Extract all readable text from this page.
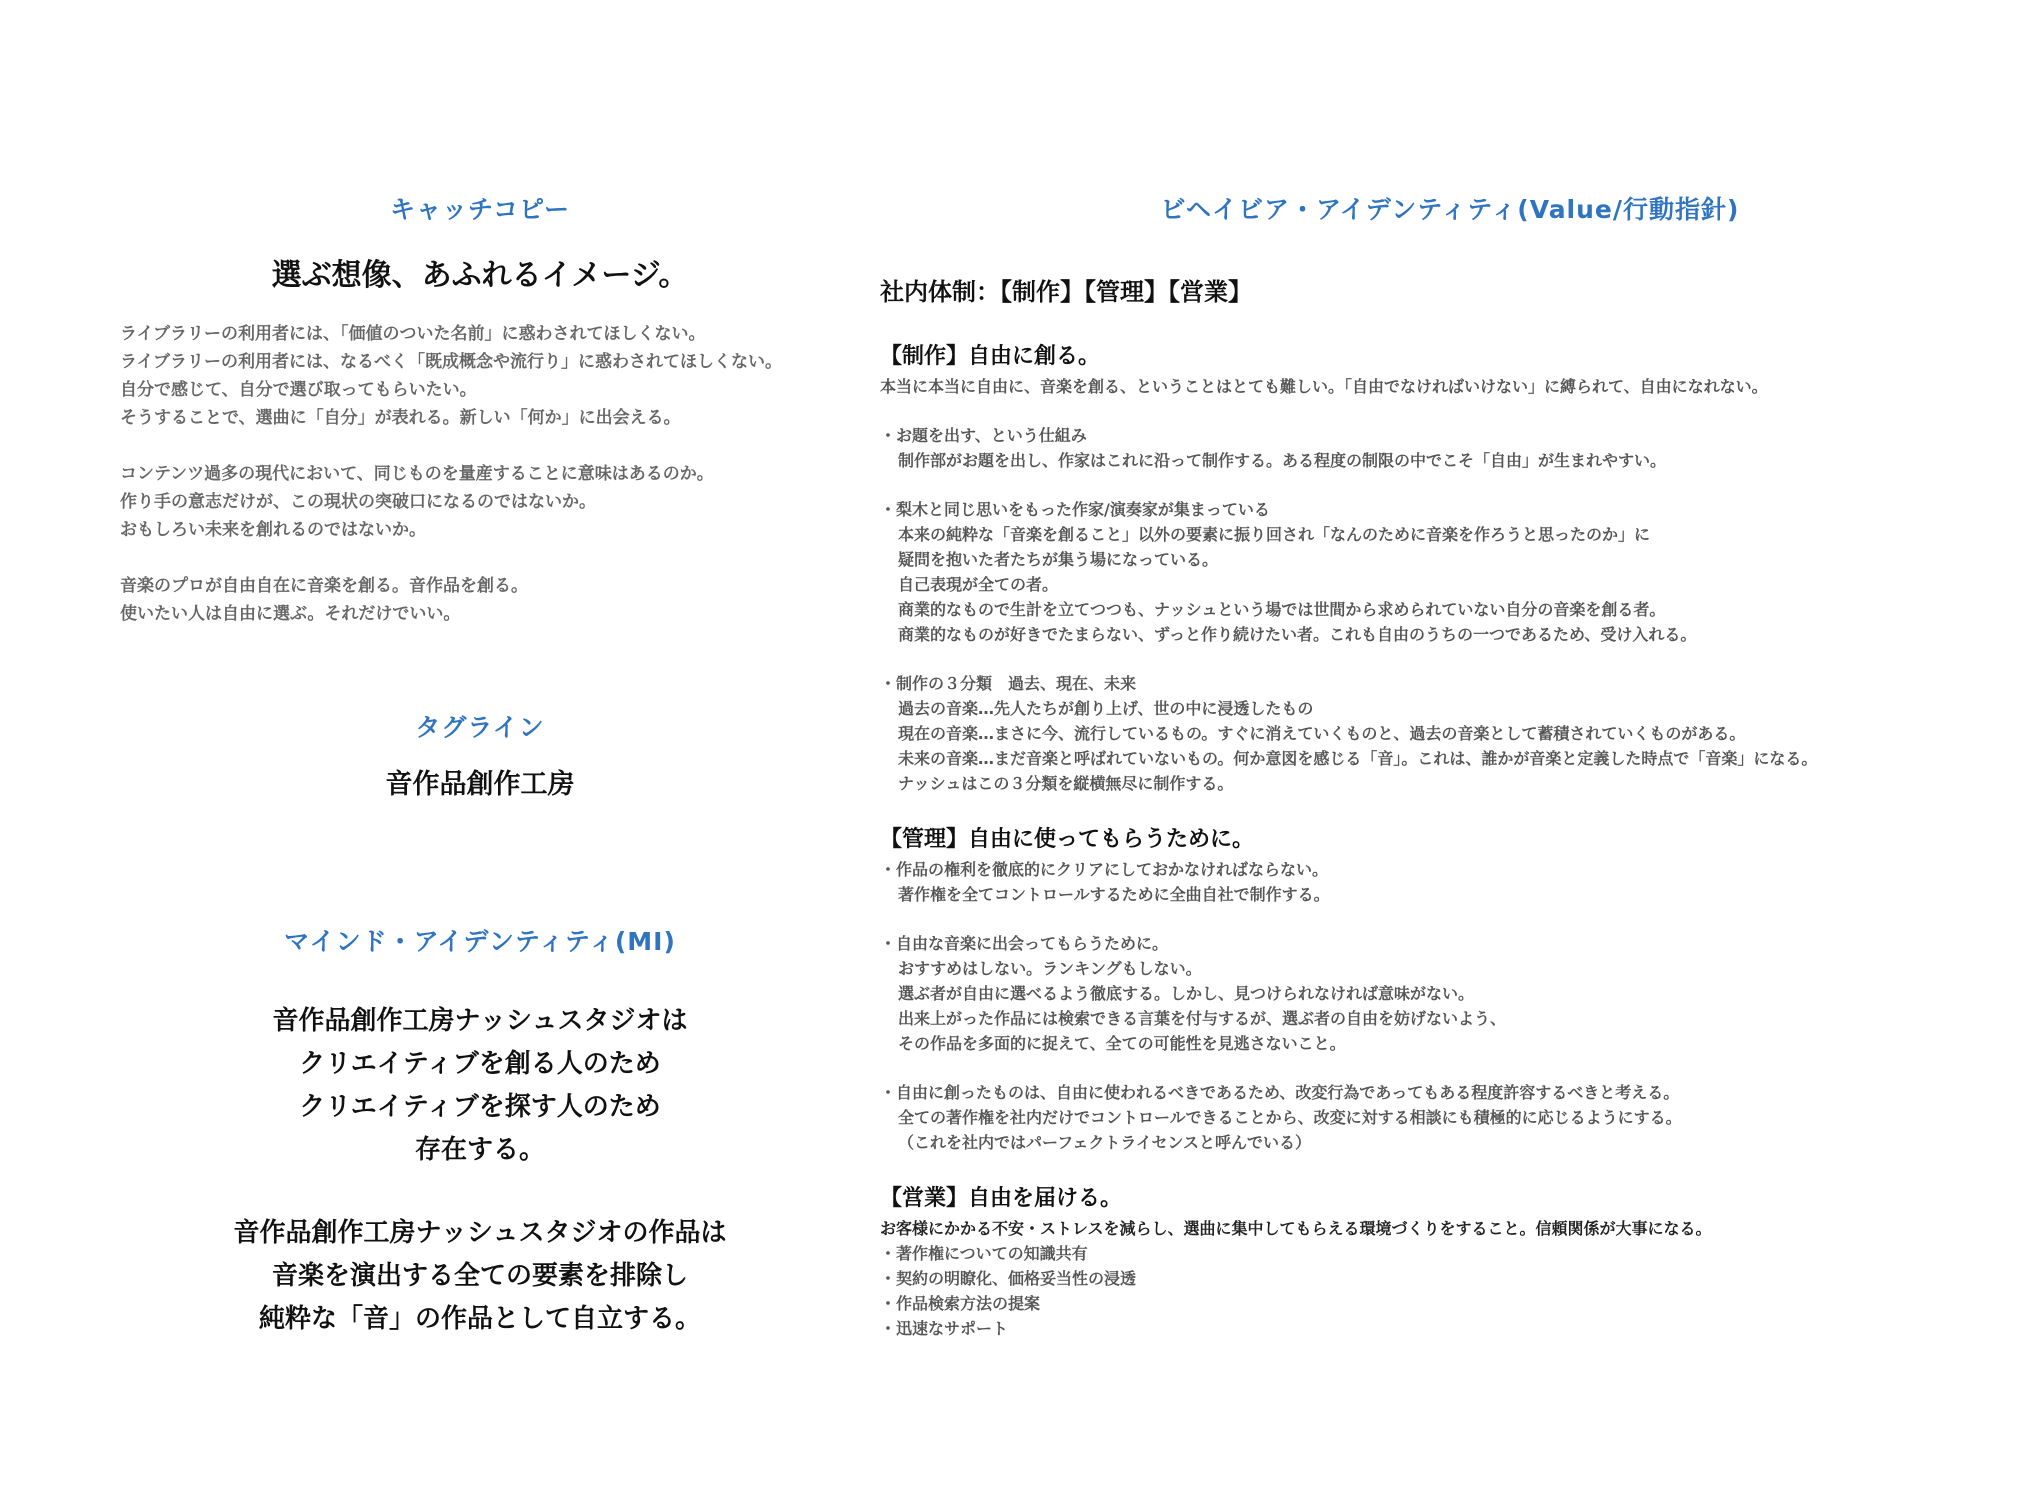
キャッチコピー
選ぶ想像、あふれるイメージ。

ライブラリーの利用者には、「価値のついた名前」に惑わされてほしくない。

ライブラリーの利用者には、なるべく「既成概念や流行り」に惑わされてほしくない。

自分で感じて、自分で選び取ってもらいたい。

そうすることで、選曲に「自分」が表れる。新しい「何か」に出会える。

コンテンツ過多の現代において、同じものを量産することに意味はあるのか。

作り手の意志だけが、この現状の突破口になるのではないか。

おもしろい未来を創れるのではないか。

音楽のプロが自由自在に音楽を創る。音作品を創る。

使いたい人は自由に選ぶ。それだけでいい。

タグライン
音作品創作工房
マインド・アイデンティティ(MI)

音作品創作工房ナッシュスタジオは

クリエイティブを創る人のため

クリエイティブを探す人のため

存在する。

音作品創作工房ナッシュスタジオの作品は

音楽を演出する全ての要素を排除し

純粋な「音」の作品として自立する。

ビヘイビア・アイデンティティ(Value/行動指針)
社内体制：【制作】【管理】【営業】
【制作】自由に創る。

本当に本当に自由に、音楽を創る、ということはとても難しい。「自由でなければいけない」に縛られて、自由になれない。

・お題を出す、という仕組み

制作部がお題を出し、作家はこれに沿って制作する。ある程度の制限の中でこそ「自由」が生まれやすい。

・梨木と同じ思いをもった作家/演奏家が集まっている

本来の純粋な「音楽を創ること」以外の要素に振り回され「なんのために音楽を作ろうと思ったのか」に

疑問を抱いた者たちが集う場になっている。

自己表現が全ての者。

商業的なもので生計を立てつつも、ナッシュという場では世間から求められていない自分の音楽を創る者。

商業的なものが好きでたまらない、ずっと作り続けたい者。これも自由のうちの一つであるため、受け入れる。

・制作の３分類　過去、現在、未来

過去の音楽…先人たちが創り上げ、世の中に浸透したもの

現在の音楽…まさに今、流行しているもの。すぐに消えていくものと、過去の音楽として蓄積されていくものがある。

未来の音楽…まだ音楽と呼ばれていないもの。何か意図を感じる「音」。これは、誰かが音楽と定義した時点で「音楽」になる。

ナッシュはこの３分類を縦横無尽に制作する。

【管理】自由に使ってもらうために。

・作品の権利を徹底的にクリアにしておかなければならない。

著作権を全てコントロールするために全曲自社で制作する。

・自由な音楽に出会ってもらうために。

おすすめはしない。ランキングもしない。

選ぶ者が自由に選べるよう徹底する。しかし、見つけられなければ意味がない。

出来上がった作品には検索できる言葉を付与するが、選ぶ者の自由を妨げないよう、

その作品を多面的に捉えて、全ての可能性を見逃さないこと。

・自由に創ったものは、自由に使われるべきであるため、改変行為であってもある程度許容するべきと考える。

全ての著作権を社内だけでコントロールできることから、改変に対する相談にも積極的に応じるようにする。

（これを社内ではパーフェクトライセンスと呼んでいる）

【営業】自由を届ける。

お客様にかかる不安・ストレスを減らし、選曲に集中してもらえる環境づくりをすること。信頼関係が大事になる。

・著作権についての知識共有

・契約の明瞭化、価格妥当性の浸透

・作品検索方法の提案

・迅速なサポート
